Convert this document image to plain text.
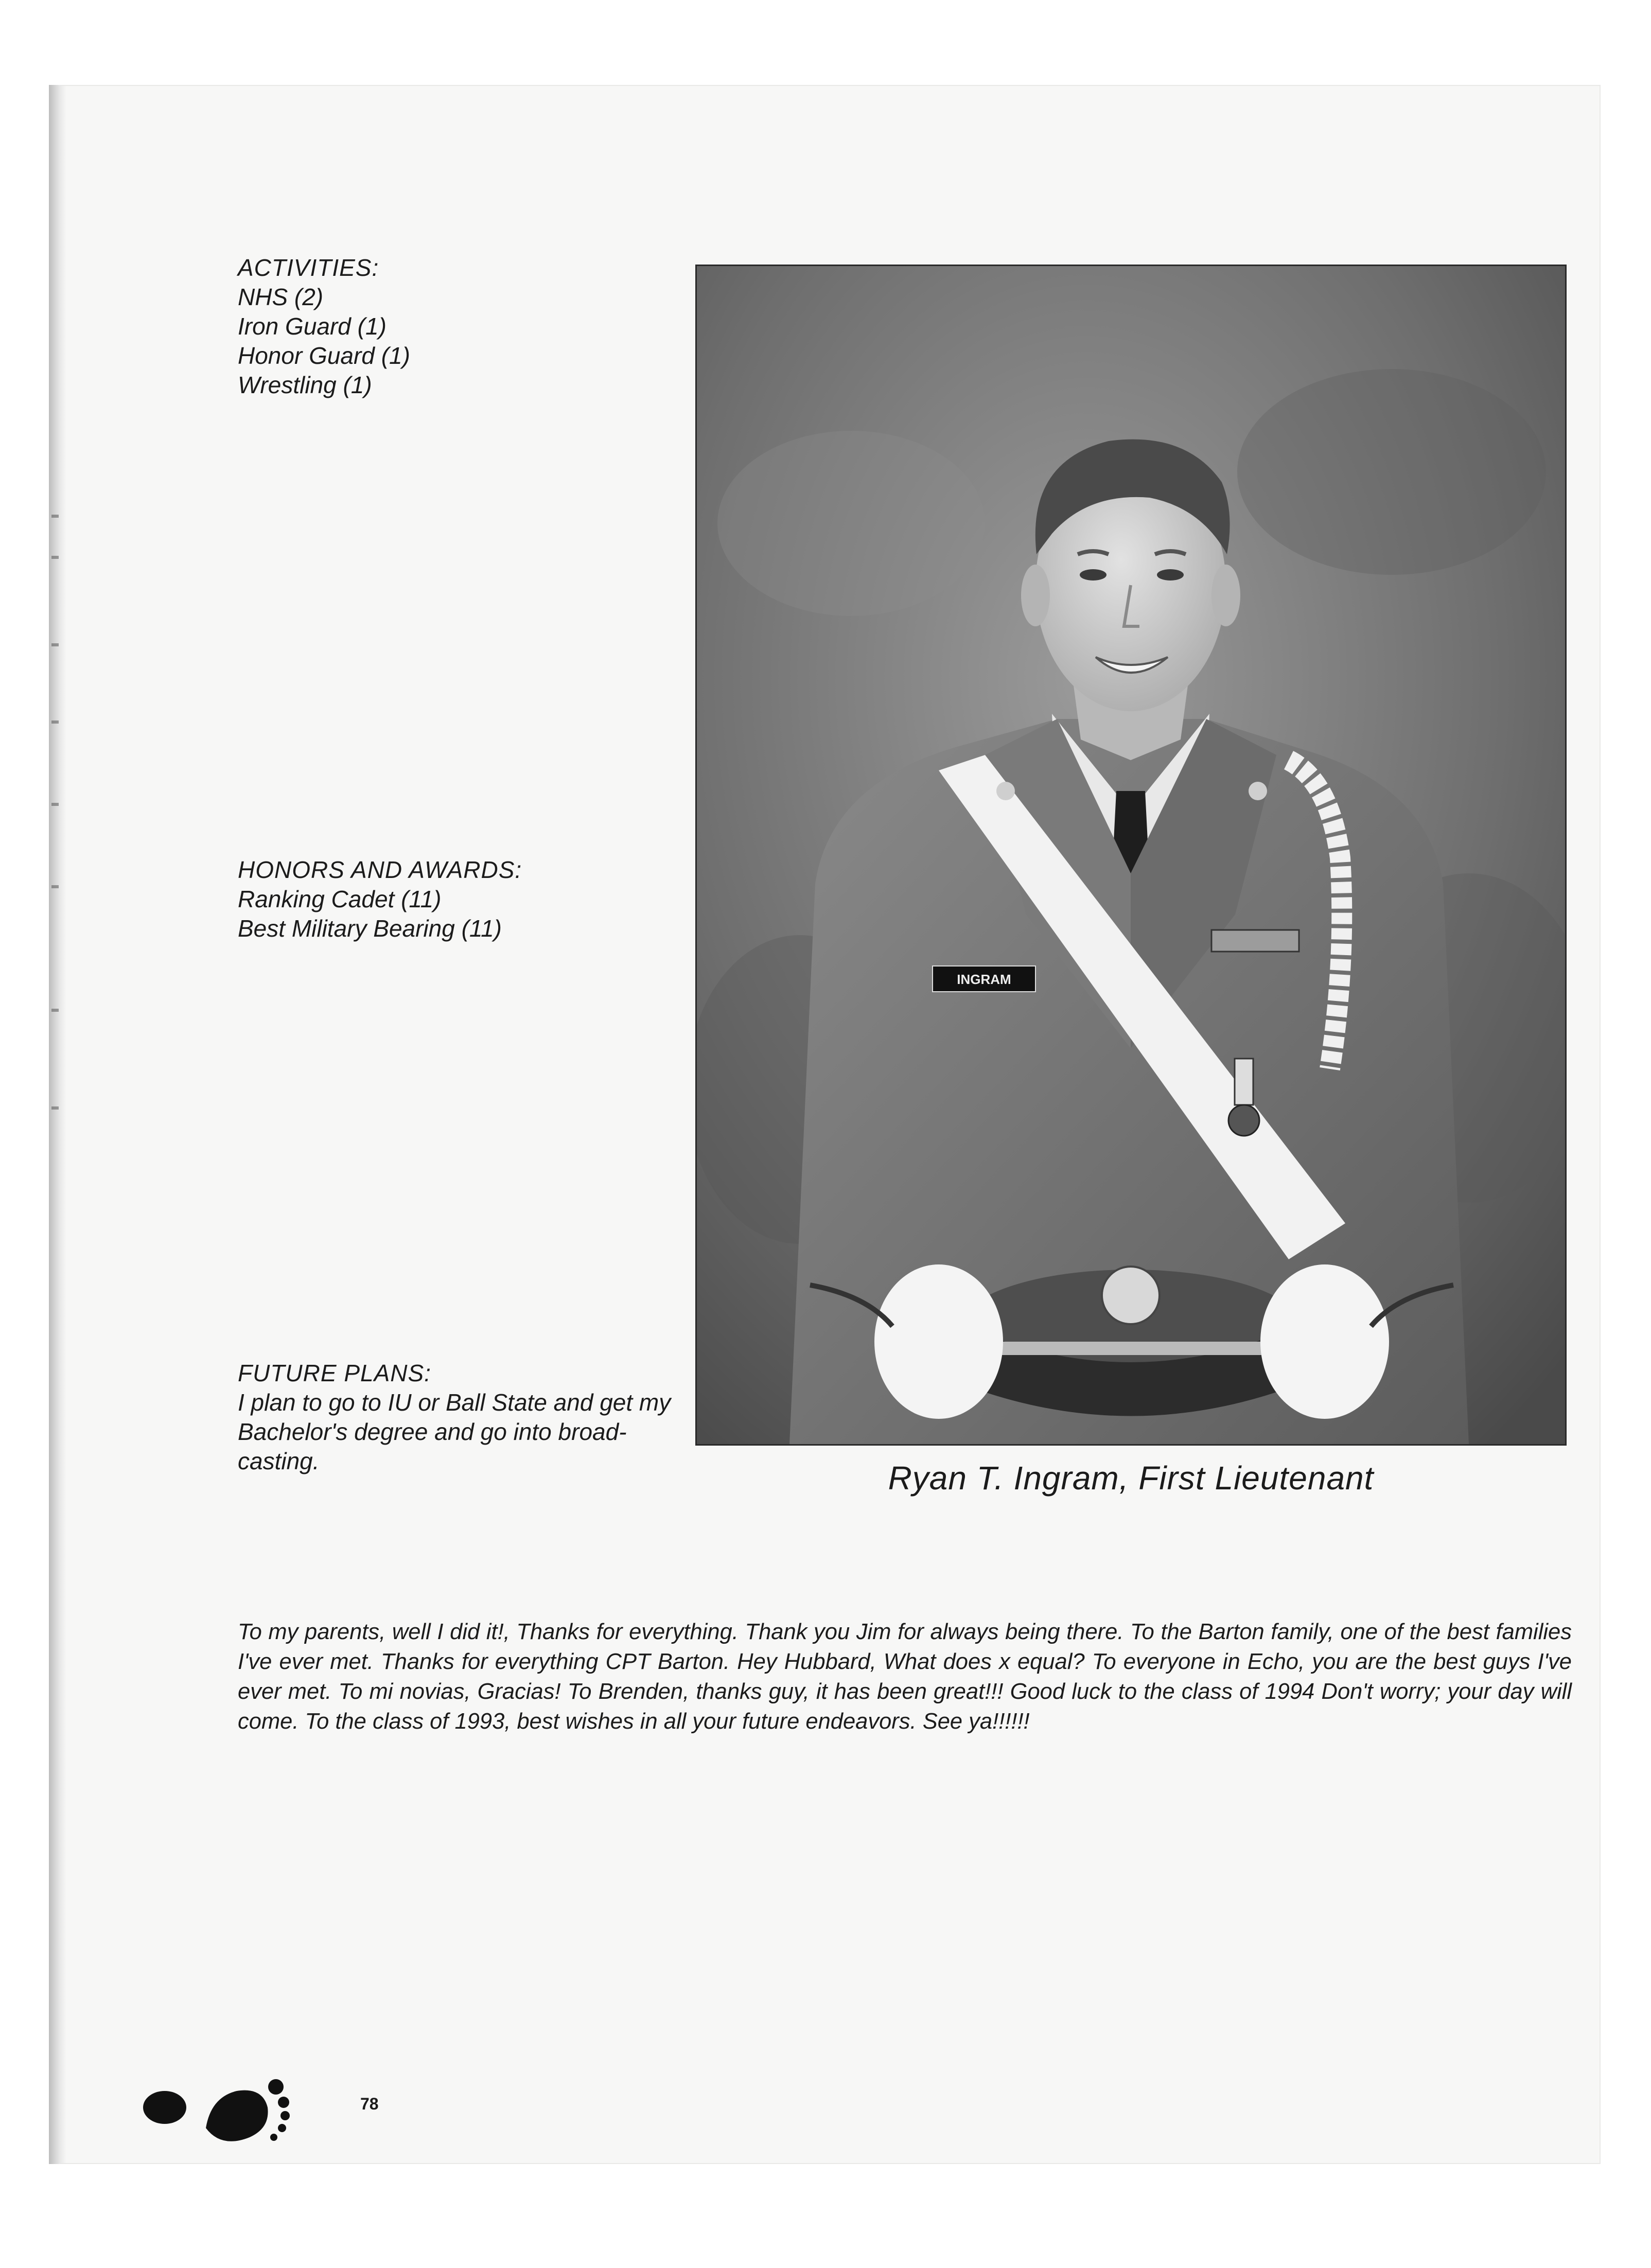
ACTIVITIES:
NHS (2)
Iron Guard (1)
Honor Guard (1)
Wrestling (1)
HONORS AND AWARDS:
Ranking Cadet (11)
Best Military Bearing (11)
FUTURE PLANS:
I plan to go to IU or Ball State and get my Bachelor's degree and go into broad-casting.
INGRAM
Ryan T. Ingram, First Lieutenant

To my parents, well I did it!, Thanks for everything. Thank you Jim for always being there. To the Barton family, one of the best families I've ever met. Thanks for everything CPT Barton. Hey Hubbard, What does x equal? To everyone in Echo, you are the best guys I've ever met. To mi novias, Gracias! To Brenden, thanks guy, it has been great!!! Good luck to the class of 1994 Don't worry; your day will come. To the class of 1993, best wishes in all your future endeavors. See ya!!!!!!

78
